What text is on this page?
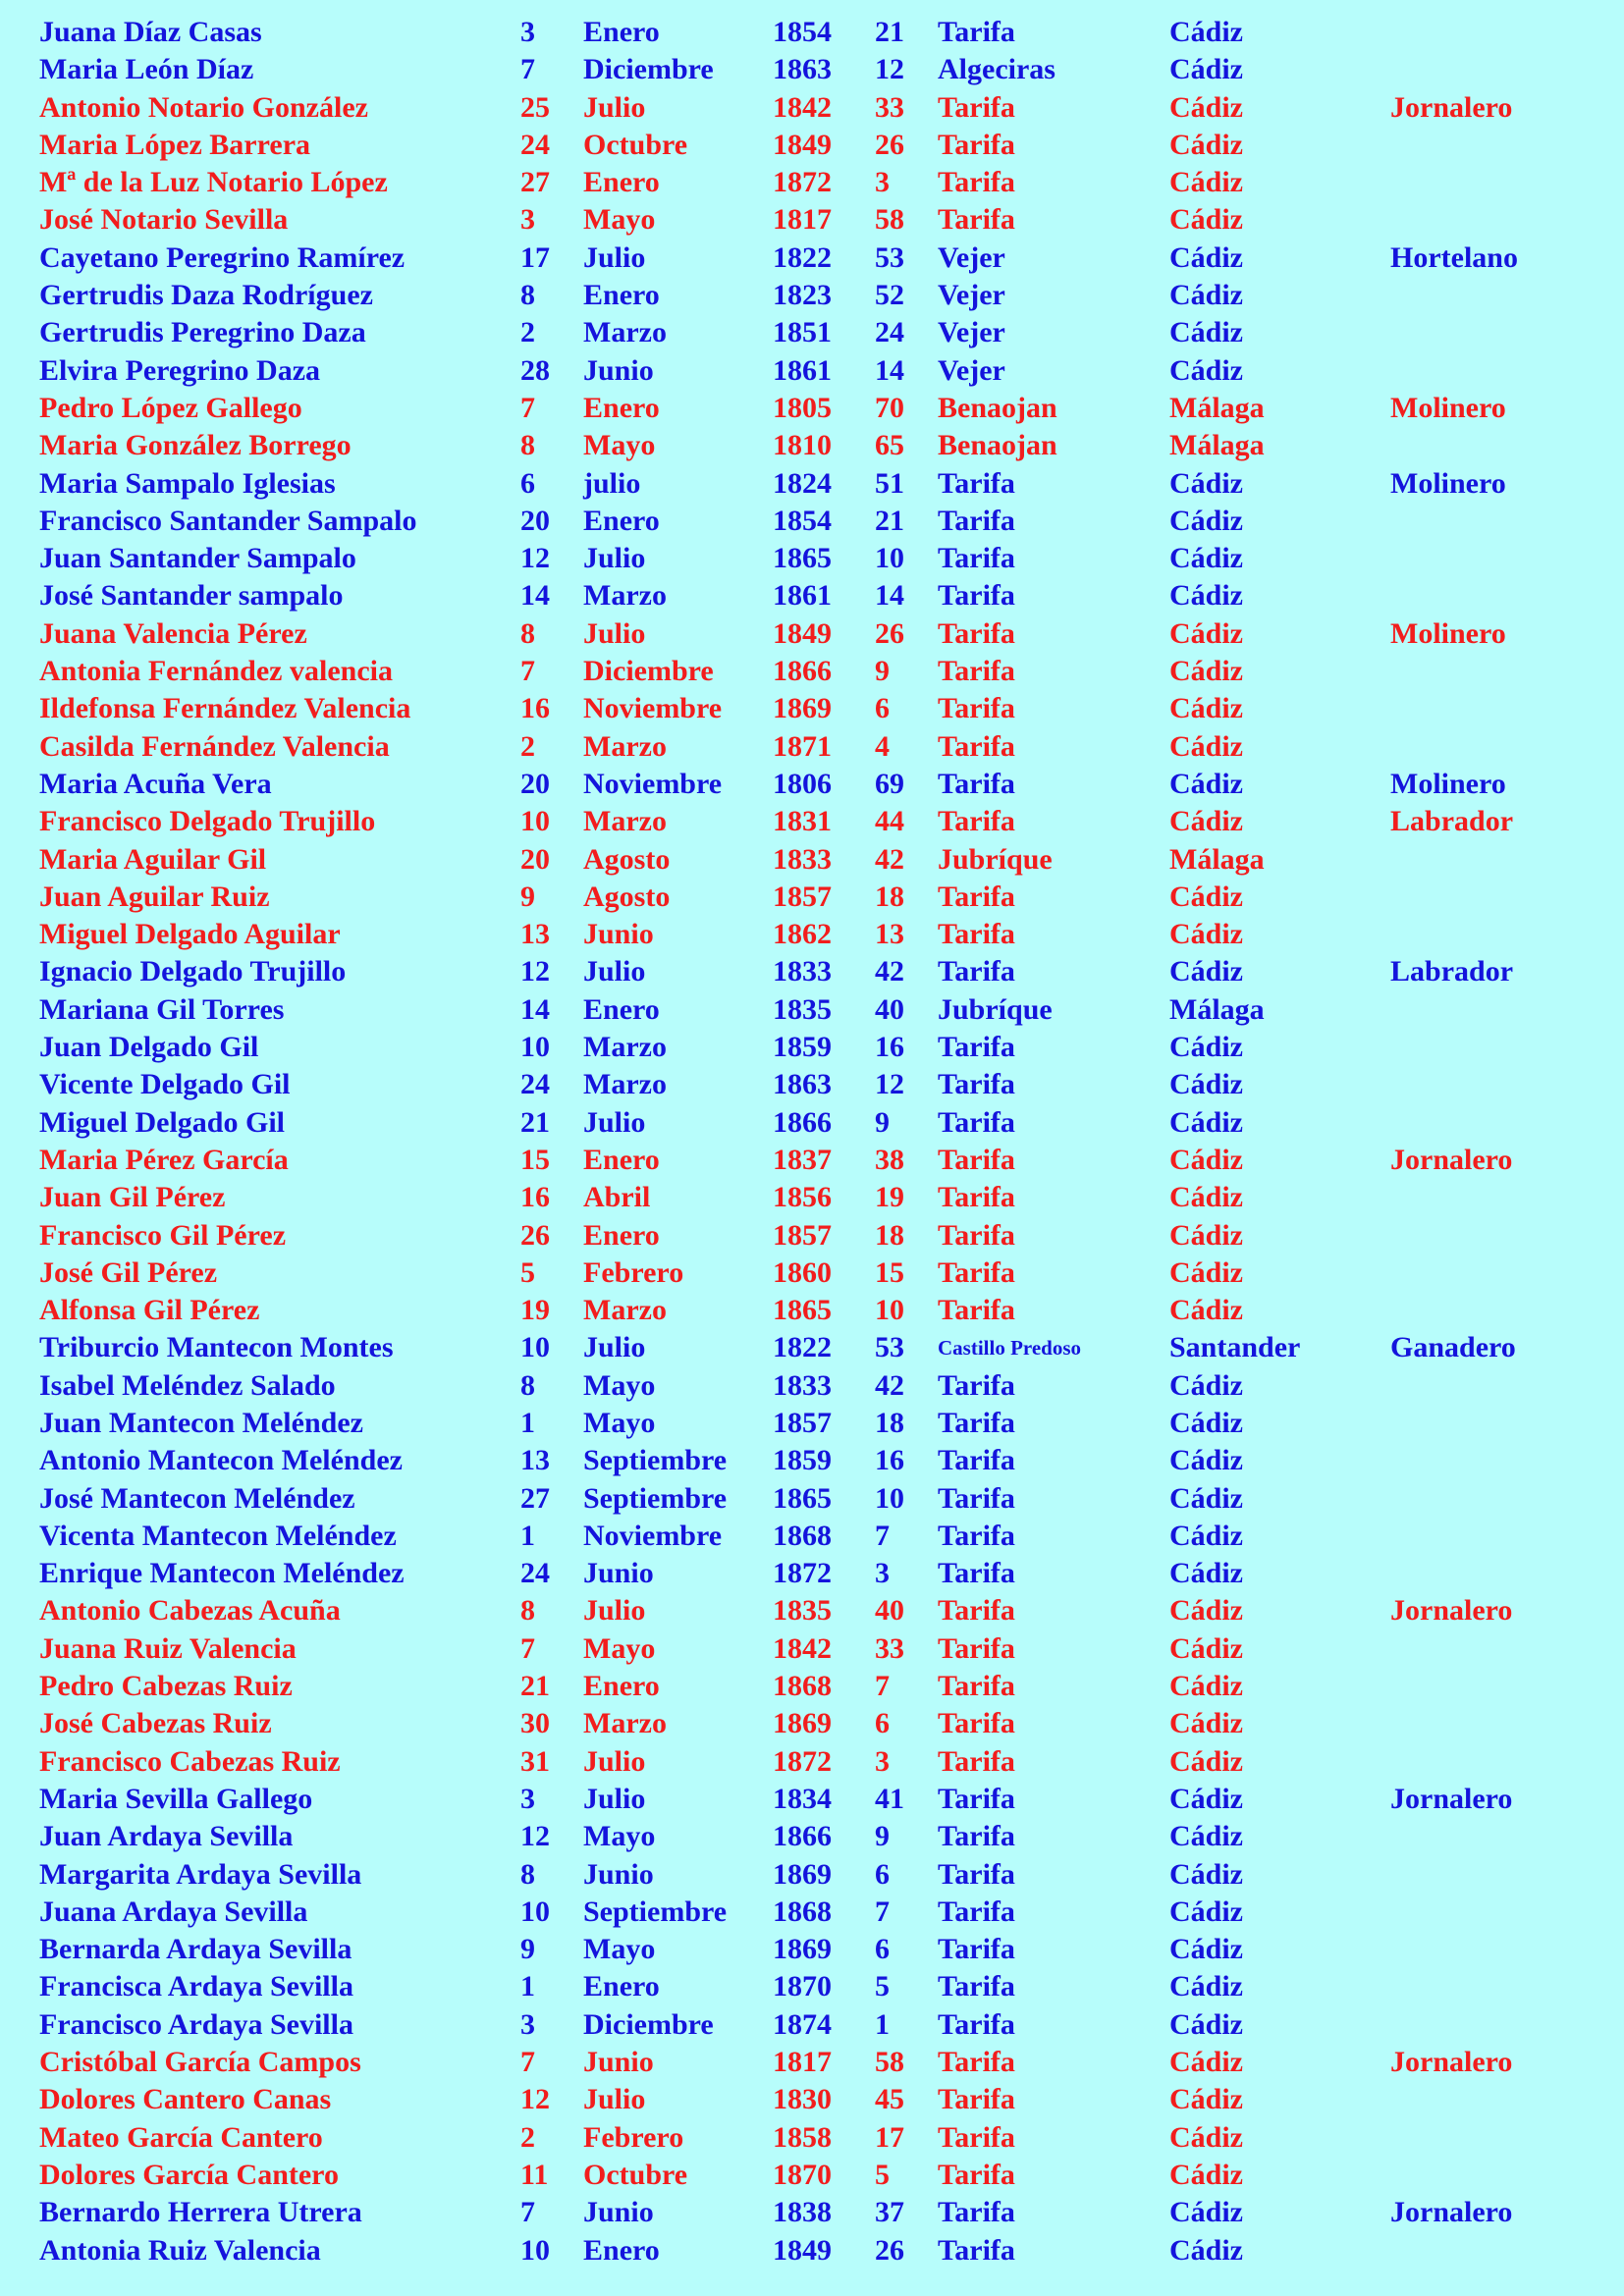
Juana Díaz Casas	3 Enero	1854 21 Tarifa	Cádiz
Maria León Díaz	7 Diciembre 1863 12 Algeciras	Cádiz
Antonio Notario González	25 Julio	1842 33 Tarifa	Cádiz	Jornalero
Maria López Barrera	24 Octubre	1849 26 Tarifa	Cádiz
Mª de la Luz Notario López	27 Enero	1872 3 Tarifa	Cádiz
José Notario Sevilla	3 Mayo	1817 58 Tarifa	Cádiz
Cayetano Peregrino Ramírez	17 Julio	1822 53 Vejer	Cádiz	Hortelano
Gertrudis Daza Rodríguez	8 Enero	1823 52 Vejer	Cádiz
Gertrudis Peregrino Daza	2 Marzo	1851 24 Vejer	Cádiz
Elvira Peregrino Daza	28 Junio	1861 14 Vejer	Cádiz
Pedro López Gallego	7 Enero	1805 70 Benaojan	Málaga	Molinero
Maria González Borrego	8 Mayo	1810 65 Benaojan	Málaga
Maria Sampalo Iglesias	6 julio	1824 51 Tarifa	Cádiz	Molinero
Francisco Santander Sampalo	20 Enero	1854 21 Tarifa	Cádiz
Juan Santander Sampalo	12 Julio	1865 10 Tarifa	Cádiz
José Santander sampalo	14 Marzo	1861 14 Tarifa	Cádiz
Juana Valencia Pérez	8 Julio	1849 26 Tarifa	Cádiz	Molinero
Antonia Fernández valencia	7 Diciembre 1866 9 Tarifa	Cádiz
Ildefonsa Fernández Valencia	16 Noviembre 1869 6 Tarifa	Cádiz
Casilda Fernández Valencia	2 Marzo	1871 4 Tarifa	Cádiz
Maria Acuña Vera	20 Noviembre 1806 69 Tarifa	Cádiz	Molinero
Francisco Delgado Trujillo	10 Marzo	1831 44 Tarifa	Cádiz	Labrador
Maria Aguilar Gil	20 Agosto	1833 42 Jubríque	Málaga
Juan Aguilar Ruiz	9 Agosto	1857 18 Tarifa	Cádiz
Miguel Delgado Aguilar	13 Junio	1862 13 Tarifa	Cádiz
Ignacio Delgado Trujillo	12 Julio	1833 42 Tarifa	Cádiz	Labrador
Mariana Gil Torres	14 Enero	1835 40 Jubríque	Málaga
Juan Delgado Gil	10 Marzo	1859 16 Tarifa	Cádiz
Vicente Delgado Gil	24 Marzo	1863 12 Tarifa	Cádiz
Miguel Delgado Gil	21 Julio	1866 9 Tarifa	Cádiz
Maria Pérez García	15 Enero	1837 38 Tarifa	Cádiz	Jornalero
Juan Gil Pérez	16 Abril	1856 19 Tarifa	Cádiz
Francisco Gil Pérez	26 Enero	1857 18 Tarifa	Cádiz
José Gil Pérez	5 Febrero	1860 15 Tarifa	Cádiz
Alfonsa Gil Pérez	19 Marzo	1865 10 Tarifa	Cádiz
Triburcio Mantecon Montes	10 Julio	1822 53 Castillo Predoso	Santander	Ganadero
Isabel Meléndez Salado	8 Mayo	1833 42 Tarifa	Cádiz
Juan Mantecon Meléndez	1 Mayo	1857 18 Tarifa	Cádiz
Antonio Mantecon Meléndez	13 Septiembre 1859 16 Tarifa	Cádiz
José Mantecon Meléndez	27 Septiembre 1865 10 Tarifa	Cádiz
Vicenta Mantecon Meléndez	1 Noviembre 1868 7 Tarifa	Cádiz
Enrique Mantecon Meléndez	24 Junio	1872 3 Tarifa	Cádiz
Antonio Cabezas Acuña	8 Julio	1835 40 Tarifa	Cádiz	Jornalero
Juana Ruiz Valencia	7 Mayo	1842 33 Tarifa	Cádiz
Pedro Cabezas Ruiz	21 Enero	1868 7 Tarifa	Cádiz
José Cabezas Ruiz	30 Marzo	1869 6 Tarifa	Cádiz
Francisco Cabezas Ruiz	31 Julio	1872 3 Tarifa	Cádiz
Maria Sevilla Gallego	3 Julio	1834 41 Tarifa	Cádiz	Jornalero
Juan Ardaya Sevilla	12 Mayo	1866 9 Tarifa	Cádiz
Margarita Ardaya Sevilla	8 Junio	1869 6 Tarifa	Cádiz
Juana Ardaya Sevilla	10 Septiembre 1868 7 Tarifa	Cádiz
Bernarda Ardaya Sevilla	9 Mayo	1869 6 Tarifa	Cádiz
Francisca Ardaya Sevilla	1 Enero	1870 5 Tarifa	Cádiz
Francisco Ardaya Sevilla	3 Diciembre 1874 1 Tarifa	Cádiz
Cristóbal García Campos	7 Junio	1817 58 Tarifa	Cádiz	Jornalero
Dolores Cantero Canas	12 Julio	1830 45 Tarifa	Cádiz
Mateo García Cantero	2 Febrero	1858 17 Tarifa	Cádiz
Dolores García Cantero	11 Octubre	1870 5 Tarifa	Cádiz
Bernardo Herrera Utrera	7 Junio	1838 37 Tarifa	Cádiz	Jornalero
Antonia Ruiz Valencia	10 Enero	1849 26 Tarifa	Cádiz
